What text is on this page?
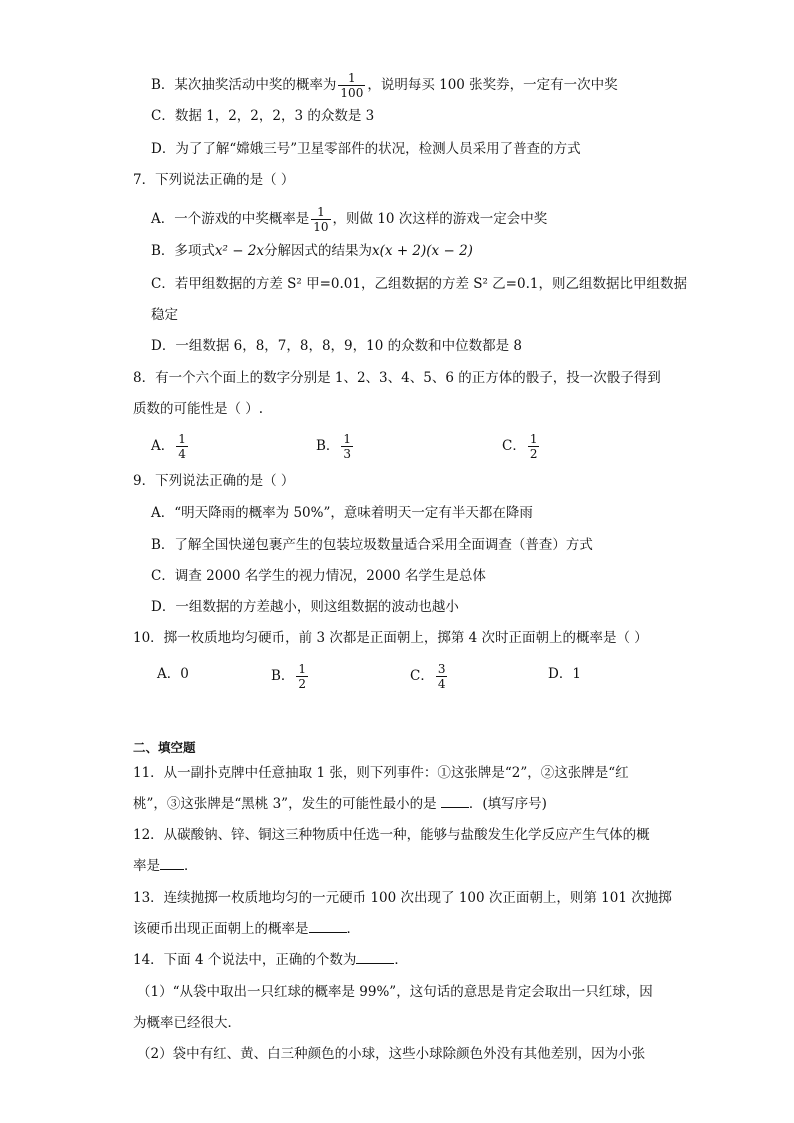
B．某次抽奖活动中奖的概率为 $\frac{1}{100}$ ，说明每买 100 张奖券，一定有一次中奖
C．数据 1，2，2，2，3 的众数是 3
D．为了了解“嫦娥三号”卫星零部件的状况，检测人员采用了普查的方式
7．下列说法正确的是（ ）
A．一个游戏的中奖概率是 $\frac{1}{10}$ ，则做 10 次这样的游戏一定会中奖
B．多项式x² − 2x分解因式的结果为x(x + 2)(x − 2)
C．若甲组数据的方差 S² 甲=0.01，乙组数据的方差 S² 乙=0.1，则乙组数据比甲组数据
稳定
D．一组数据 6，8，7，8，8，9，10 的众数和中位数都是 8
8．有一个六个面上的数字分别是 1、2、3、4、5、6 的正方体的骰子，投一次骰子得到
质数的可能性是（ ）.
A． $\frac{1}{4}$	B． $\frac{1}{3}$	C． $\frac{1}{2}$
9．下列说法正确的是（ ）
A．“明天降雨的概率为 50%”，意味着明天一定有半天都在降雨
B．了解全国快递包裹产生的包装垃圾数量适合采用全面调查（普查）方式
C．调查 2000 名学生的视力情况，2000 名学生是总体
D．一组数据的方差越小，则这组数据的波动也越小
10．掷一枚质地均匀硬币，前 3 次都是正面朝上，掷第 4 次时正面朝上的概率是（ ）
A．0	B． $\frac{1}{2}$	C． $\frac{3}{4}$	D．1
二、填空题
11．从一副扑克牌中任意抽取 1 张，则下列事件：①这张牌是“2”，②这张牌是“红
桃”，③这张牌是“黑桃 3”，发生的可能性最小的是 ．(填写序号)
12．从碳酸钠、锌、铜这三种物质中任选一种，能够与盐酸发生化学反应产生气体的概
率是 ．
13．连续抛掷一枚质地均匀的一元硬币 100 次出现了 100 次正面朝上，则第 101 次抛掷
该硬币出现正面朝上的概率是	．
14．下面 4 个说法中，正确的个数为	．
（1）“从袋中取出一只红球的概率是 99%”，这句话的意思是肯定会取出一只红球，因
为概率已经很大．
（2）袋中有红、黄、白三种颜色的小球，这些小球除颜色外没有其他差别，因为小张
